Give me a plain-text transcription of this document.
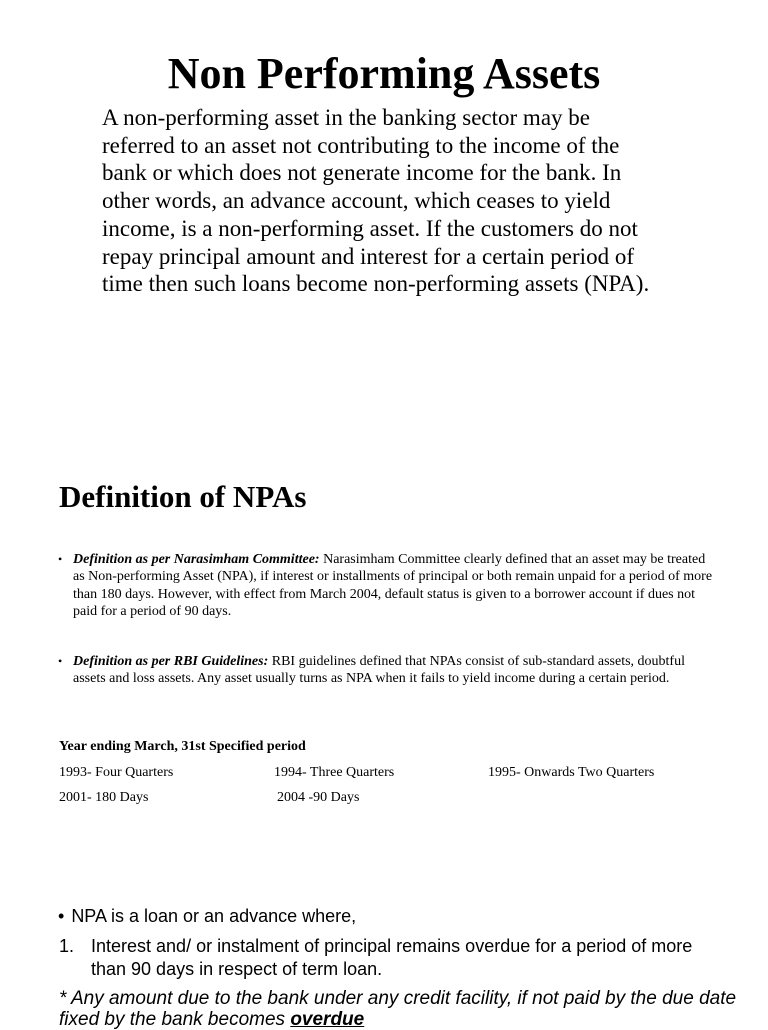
Non Performing Assets
A non-performing asset in the banking sector may be referred to an asset not contributing to the income of the bank or which does not generate income for the bank. In other words, an advance account, which ceases to yield income, is a non-performing asset. If the customers do not repay principal amount and interest for a certain period of time then such loans become non-performing assets (NPA).
Definition of NPAs
• Definition as per Narasimham Committee: Narasimham Committee clearly defined that an asset may be treated as Non-performing Asset (NPA), if interest or installments of principal or both remain unpaid for a period of more than 180 days. However, with effect from March 2004, default status is given to a borrower account if dues not paid for a period of 90 days.
• Definition as per RBI Guidelines: RBI guidelines defined that NPAs consist of sub-standard assets, doubtful assets and loss assets. Any asset usually turns as NPA when it fails to yield income during a certain period.
Year ending March, 31st Specified period
1993- Four Quarters	1994- Three Quarters	1995- Onwards Two Quarters
2001- 180 Days	2004 -90 Days
• NPA is a loan or an advance where,
1. Interest and/ or instalment of principal remains overdue for a period of more than 90 days in respect of term loan.
* Any amount due to the bank under any credit facility, if not paid by the due date fixed by the bank becomes overdue
